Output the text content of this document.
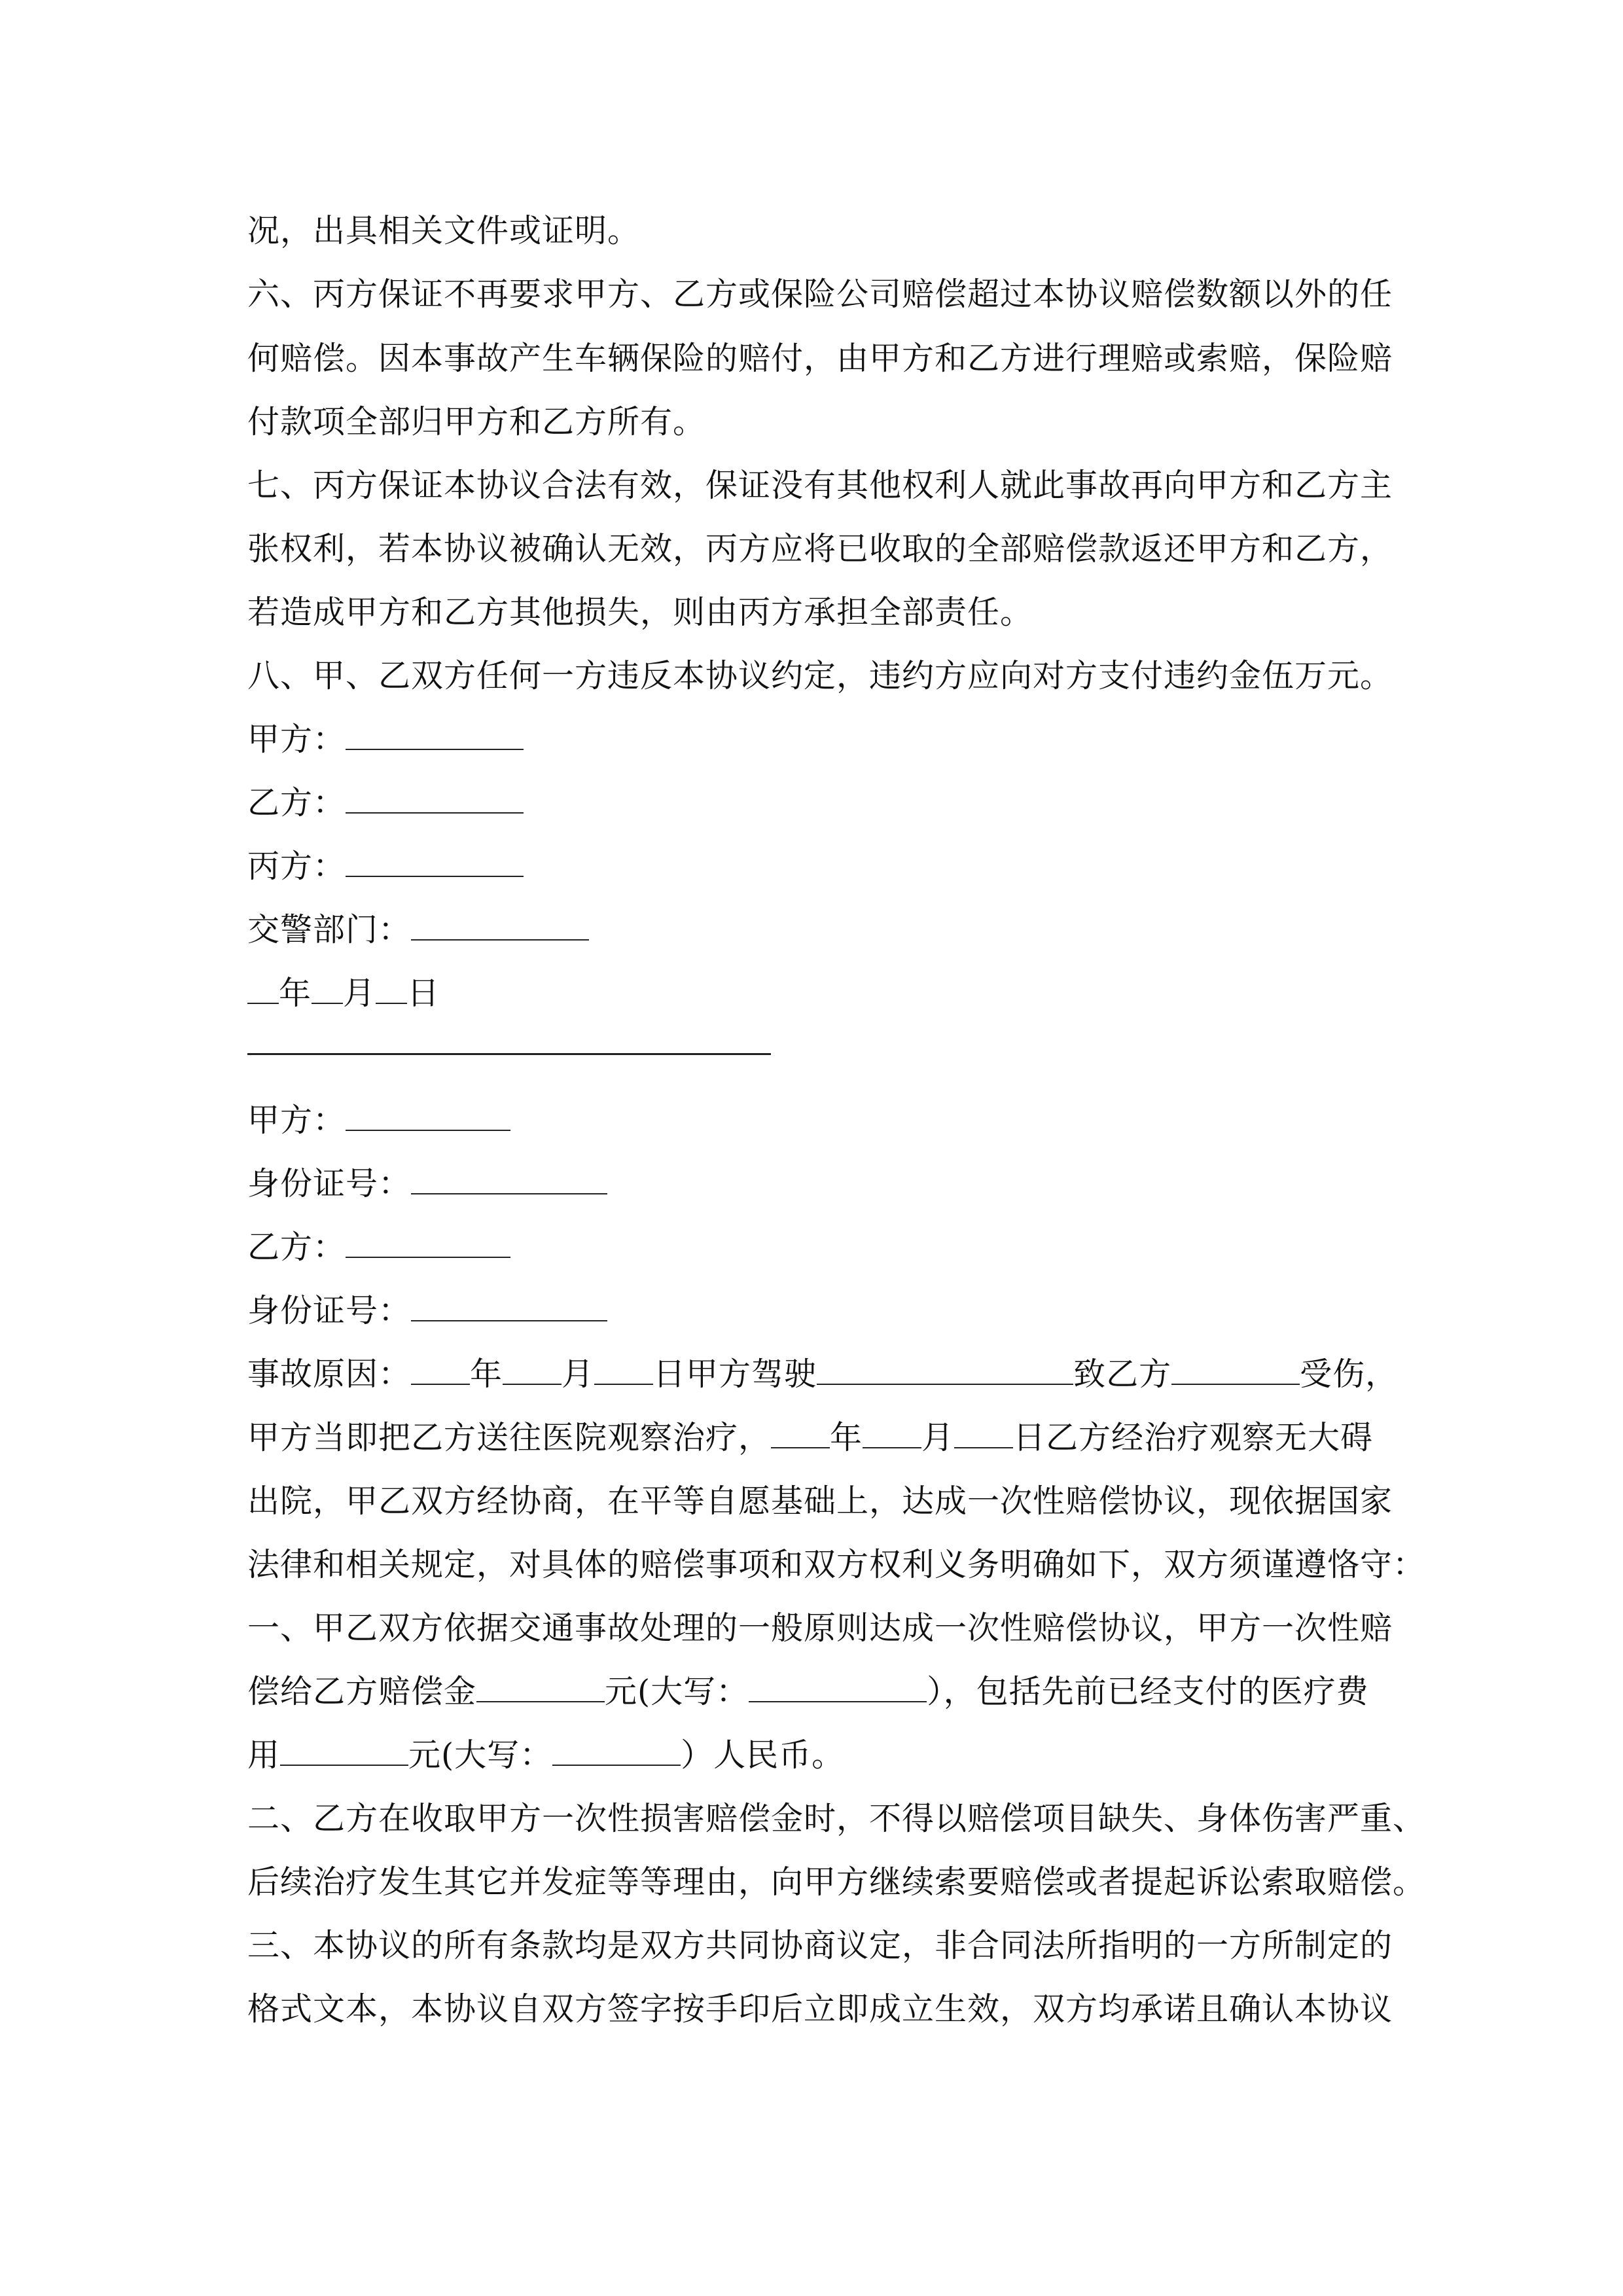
况，出具相关文件或证明。
六、丙方保证不再要求甲方、乙方或保险公司赔偿超过本协议赔偿数额以外的任
何赔偿。因本事故产生车辆保险的赔付，由甲方和乙方进行理赔或索赔，保险赔
付款项全部归甲方和乙方所有。
七、丙方保证本协议合法有效，保证没有其他权利人就此事故再向甲方和乙方主
张权利，若本协议被确认无效，丙方应将已收取的全部赔偿款返还甲方和乙方，
若造成甲方和乙方其他损失，则由丙方承担全部责任。
八、甲、乙双方任何一方违反本协议约定，违约方应向对方支付违约金伍万元。
甲方：
乙方：
丙方：
交警部门：
年 月 日
甲方：
身份证号：
乙方：
身份证号：
事故原因： 年 月 日甲方驾驶	致乙方	受伤，
甲方当即把乙方送往医院观察治疗， 年 月 日乙方经治疗观察无大碍
出院，甲乙双方经协商，在平等自愿基础上，达成一次性赔偿协议，现依据国家
法律和相关规定，对具体的赔偿事项和双方权利义务明确如下，双方须谨遵恪守：
一、甲乙双方依据交通事故处理的一般原则达成一次性赔偿协议，甲方一次性赔
偿给乙方赔偿金	元(大写：	），包括先前已经支付的医疗费
用	元(大写：	）人民币。
二、乙方在收取甲方一次性损害赔偿金时，不得以赔偿项目缺失、身体伤害严重、
后续治疗发生其它并发症等等理由，向甲方继续索要赔偿或者提起诉讼索取赔偿。
三、本协议的所有条款均是双方共同协商议定，非合同法所指明的一方所制定的
格式文本，本协议自双方签字按手印后立即成立生效，双方均承诺且确认本协议
